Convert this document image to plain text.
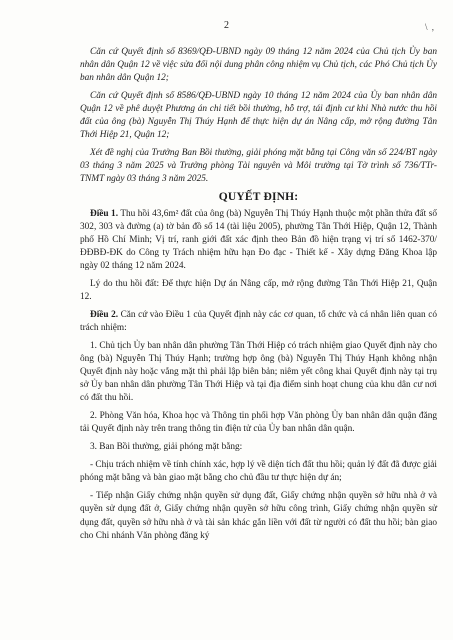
2	\ ,

Căn cứ Quyết định số 8369/QĐ-UBND ngày 09 tháng 12 năm 2024 của Chủ tịch Ủy ban nhân dân Quận 12 về việc sửa đổi nội dung phân công nhiệm vụ Chủ tịch, các Phó Chủ tịch Ủy ban nhân dân Quận 12;

Căn cứ Quyết định số 8586/QĐ-UBND ngày 10 tháng 12 năm 2024 của Ủy ban nhân dân Quận 12 về phê duyệt Phương án chi tiết bồi thường, hỗ trợ, tái định cư khi Nhà nước thu hồi đất của ông (bà) Nguyễn Thị Thúy Hạnh để thực hiện dự án Nâng cấp, mở rộng đường Tân Thới Hiệp 21, Quận 12;

Xét đề nghị của Trưởng Ban Bồi thường, giải phóng mặt bằng tại Công văn số 224/BT ngày 03 tháng 3 năm 2025 và Trưởng phòng Tài nguyên và Môi trường tại Tờ trình số 736/TTr-TNMT ngày 03 tháng 3 năm 2025.

QUYẾT ĐỊNH:

Điều 1. Thu hồi 43,6m² đất của ông (bà) Nguyễn Thị Thúy Hạnh thuộc một phần thửa đất số 302, 303 và đường (a) tờ bản đồ số 14 (tài liệu 2005), phường Tân Thới Hiệp, Quận 12, Thành phố Hồ Chí Minh; Vị trí, ranh giới đất xác định theo Bản đồ hiện trạng vị trí số 1462-370/ĐĐBĐ-ĐK do Công ty Trách nhiệm hữu hạn Đo đạc - Thiết kế - Xây dựng Đăng Khoa lập ngày 02 tháng 12 năm 2024.

Lý do thu hồi đất: Để thực hiện Dự án Nâng cấp, mở rộng đường Tân Thới Hiệp 21, Quận 12.

Điều 2. Căn cứ vào Điều 1 của Quyết định này các cơ quan, tổ chức và cá nhân liên quan có trách nhiệm:

1. Chủ tịch Ủy ban nhân dân phường Tân Thới Hiệp có trách nhiệm giao Quyết định này cho ông (bà) Nguyễn Thị Thúy Hạnh; trường hợp ông (bà) Nguyễn Thị Thúy Hạnh không nhận Quyết định này hoặc vắng mặt thì phải lập biên bản; niêm yết công khai Quyết định này tại trụ sở Ủy ban nhân dân phường Tân Thới Hiệp và tại địa điểm sinh hoạt chung của khu dân cư nơi có đất thu hồi.

2. Phòng Văn hóa, Khoa học và Thông tin phối hợp Văn phòng Ủy ban nhân dân quận đăng tải Quyết định này trên trang thông tin điện tử của Ủy ban nhân dân quận.

3. Ban Bồi thường, giải phóng mặt bằng:

- Chịu trách nhiệm về tính chính xác, hợp lý về diện tích đất thu hồi; quản lý đất đã được giải phóng mặt bằng và bàn giao mặt bằng cho chủ đầu tư thực hiện dự án;

- Tiếp nhận Giấy chứng nhận quyền sử dụng đất, Giấy chứng nhận quyền sở hữu nhà ở và quyền sử dụng đất ở, Giấy chứng nhận quyền sở hữu công trình, Giấy chứng nhận quyền sử dụng đất, quyền sở hữu nhà ở và tài sản khác gắn liền với đất từ người có đất thu hồi; bàn giao cho Chi nhánh Văn phòng đăng ký
